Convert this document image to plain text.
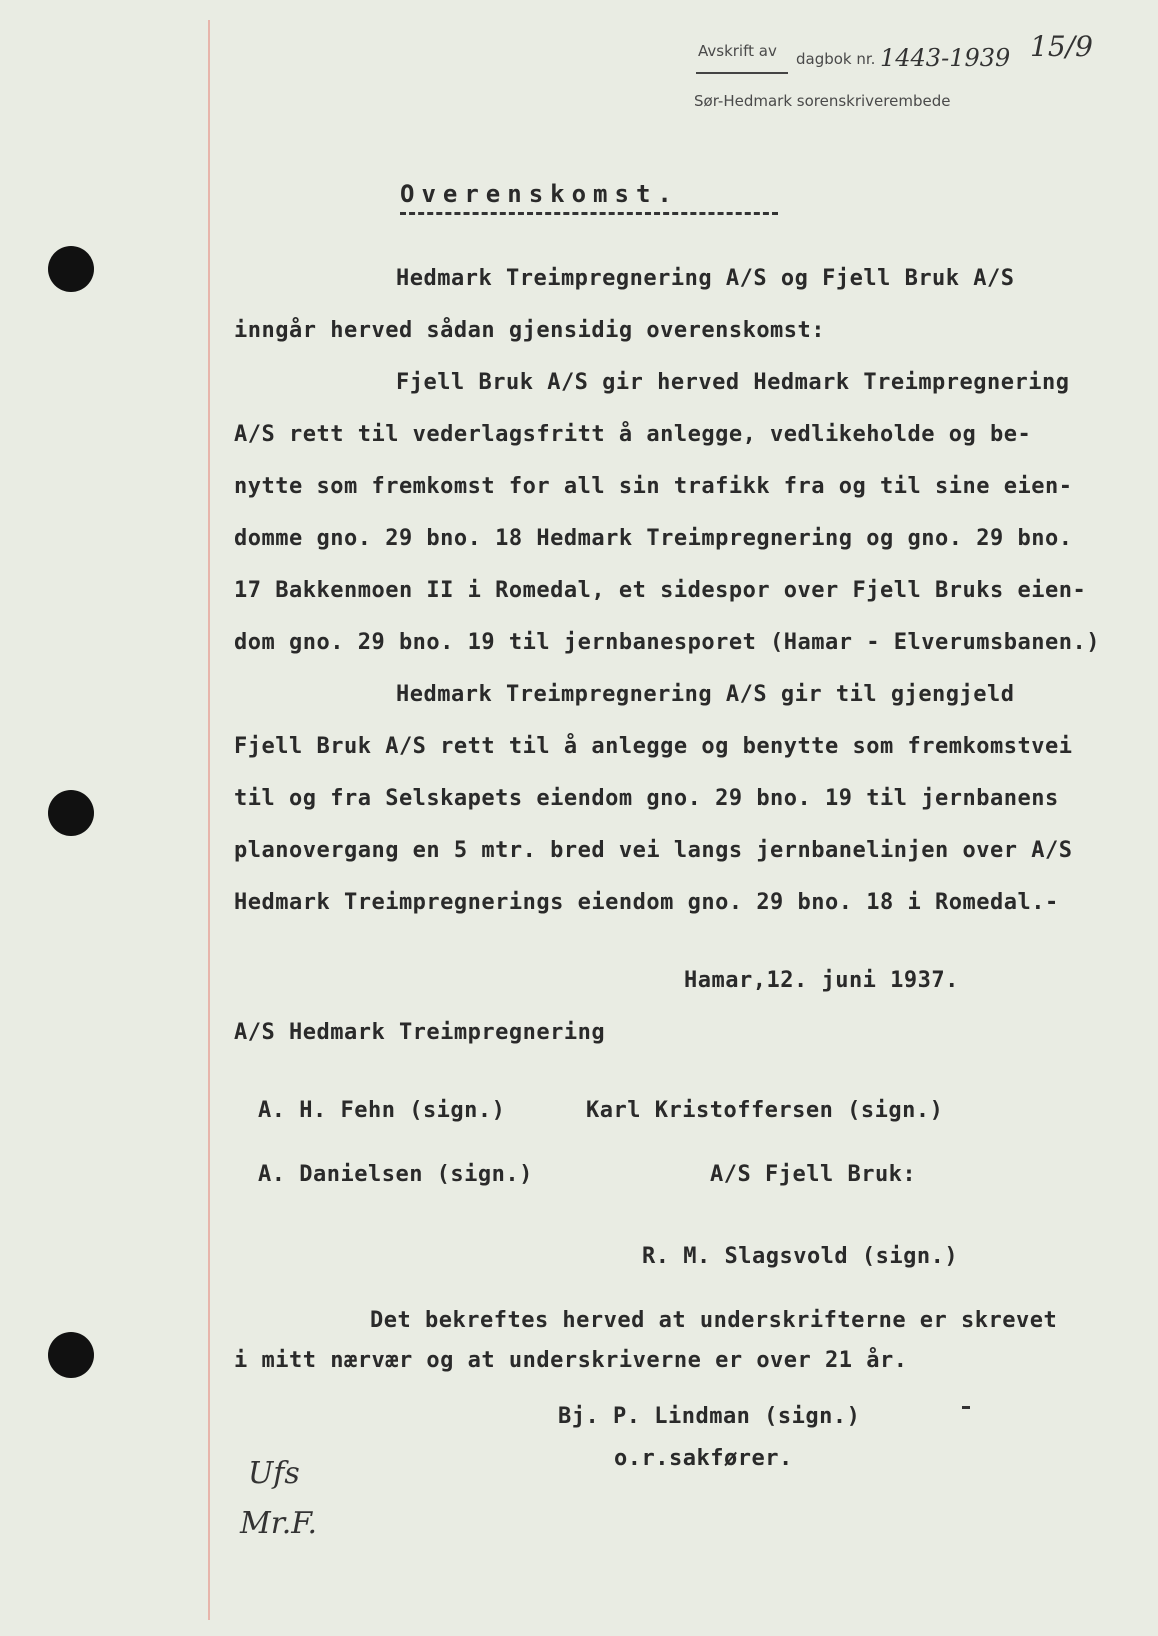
Avskrift av dagbok nr. 1443-1939 15/9
Sør-Hedmark sorenskriverembede
Overenskomst.
Hedmark Treimpregnering A/S og Fjell Bruk A/S
inngår herved sådan gjensidig overenskomst:
Fjell Bruk A/S gir herved Hedmark Treimpregnering
A/S rett til vederlagsfritt å anlegge, vedlikeholde og be-
nytte som fremkomst for all sin trafikk fra og til sine eien-
domme gno. 29 bno. 18 Hedmark Treimpregnering og gno. 29 bno.
17 Bakkenmoen II i Romedal, et sidespor over Fjell Bruks eien-
dom gno. 29 bno. 19 til jernbanesporet (Hamar - Elverumsbanen.)
Hedmark Treimpregnering A/S gir til gjengjeld
Fjell Bruk A/S rett til å anlegge og benytte som fremkomstvei
til og fra Selskapets eiendom gno. 29 bno. 19 til jernbanens
planovergang en 5 mtr. bred vei langs jernbanelinjen over A/S
Hedmark Treimpregnerings eiendom gno. 29 bno. 18 i Romedal.-
Hamar,12. juni 1937.
A/S Hedmark Treimpregnering
A. H. Fehn (sign.)	Karl Kristoffersen (sign.)
A. Danielsen (sign.)	A/S Fjell Bruk:
R. M. Slagsvold (sign.)
Det bekreftes herved at underskrifterne er skrevet
i mitt nærvær og at underskriverne er over 21 år.
Bj. P. Lindman (sign.)
o.r.sakfører.
Ufs
Mr.F.
